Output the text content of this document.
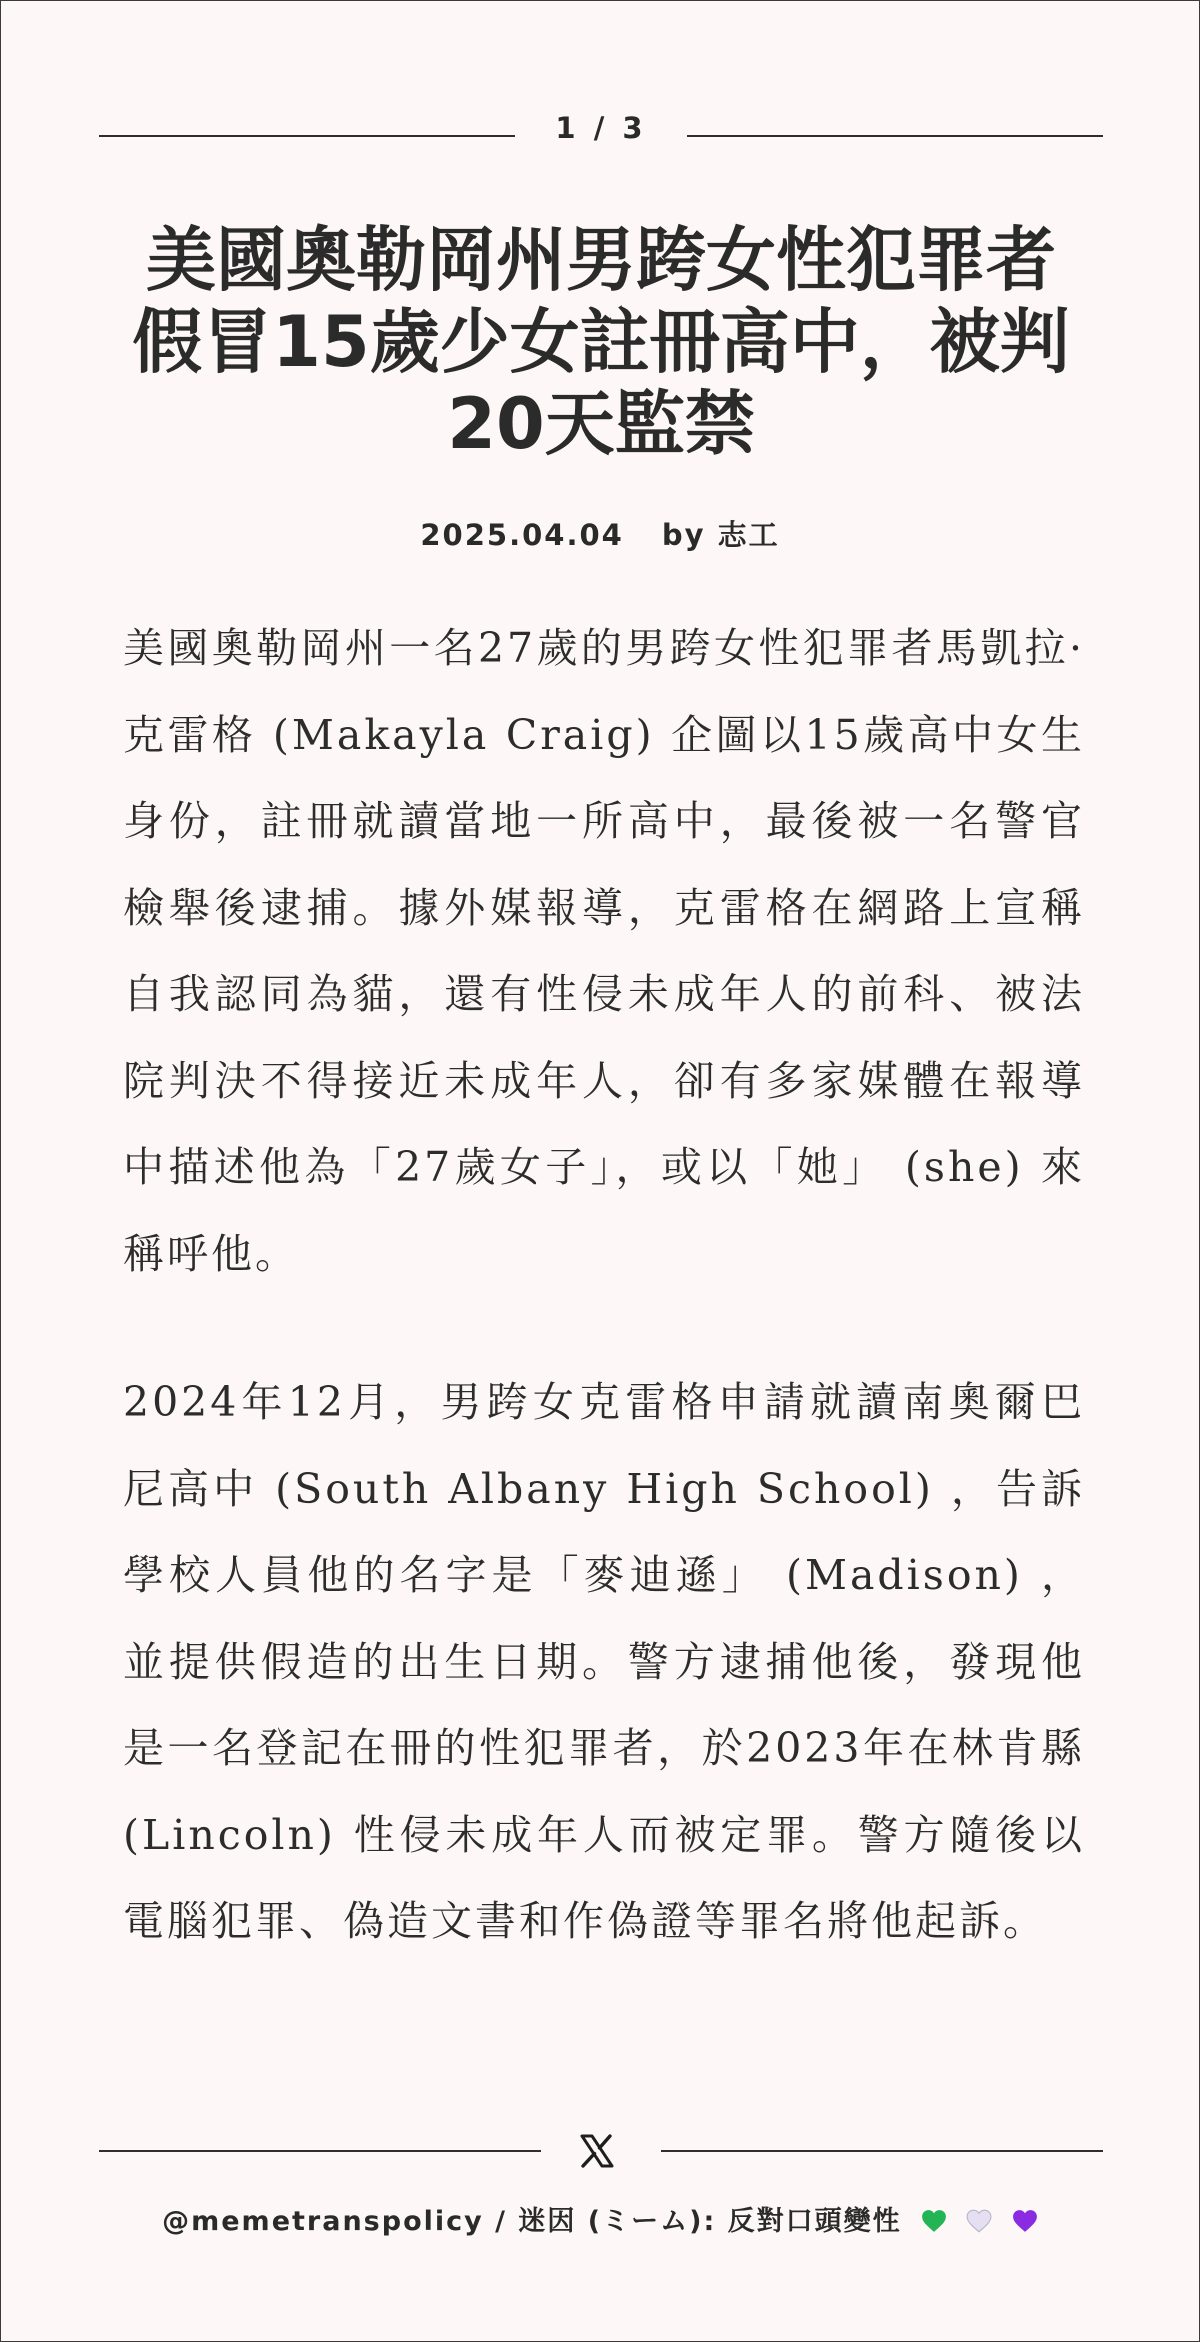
1 / 3
美國奧勒岡州男跨女性犯罪者
假冒15歲少女註冊高中，被判
20天監禁
2025.04.04 by 志工

美國奧勒岡州一名27歲的男跨女性犯罪者馬凱拉·克雷格 (Makayla Craig) 企圖以15歲高中女生身份，註冊就讀當地一所高中，最後被一名警官檢舉後逮捕。據外媒報導，克雷格在網路上宣稱自我認同為貓，還有性侵未成年人的前科、被法院判決不得接近未成年人，卻有多家媒體在報導中描述他為「27歲女子」，或以「她」 (she) 來稱呼他。

2024年12月，男跨女克雷格申請就讀南奧爾巴尼高中 (South Albany High School) ，告訴學校人員他的名字是「麥迪遜」 (Madison) ，並提供假造的出生日期。警方逮捕他後，發現他是一名登記在冊的性犯罪者，於2023年在林肯縣 (Lincoln) 性侵未成年人而被定罪。警方隨後以電腦犯罪、偽造文書和作偽證等罪名將他起訴。

@memetranspolicy / 迷因 (ミーム): 反對口頭變性
